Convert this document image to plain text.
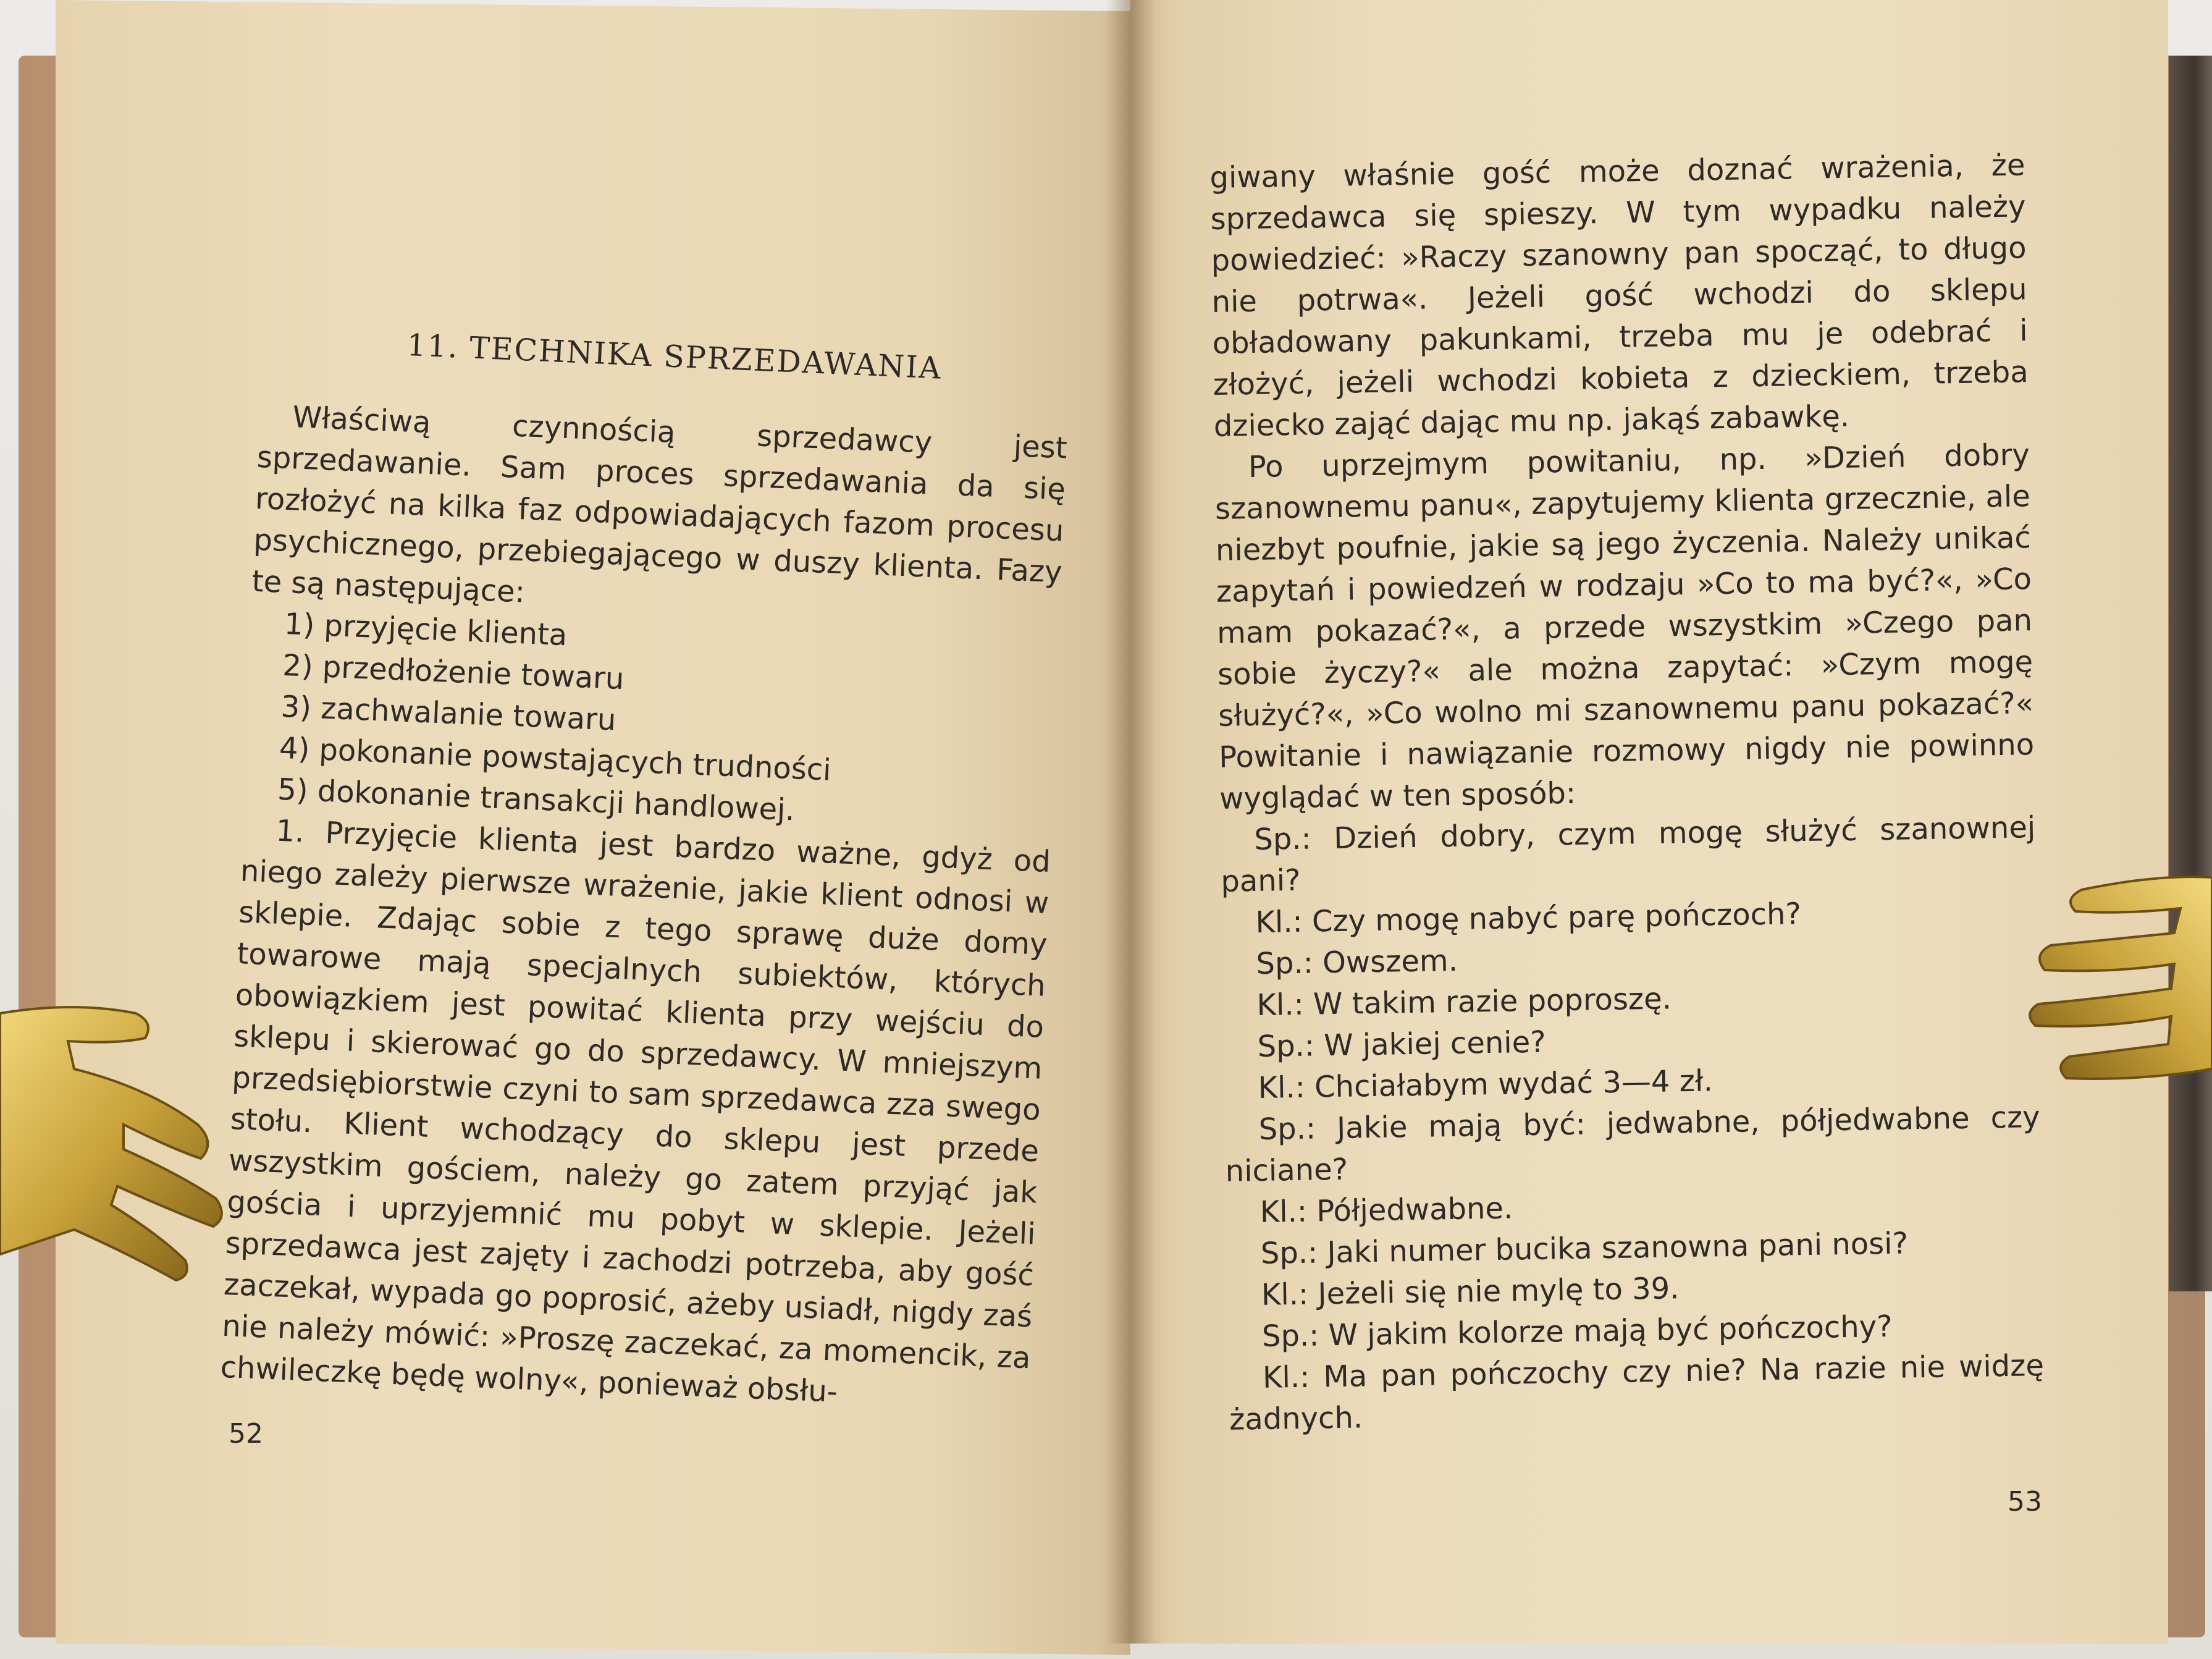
11. TECHNIKA SPRZEDAWANIA

Właściwą czynnością sprzedawcy jest sprzedawanie. Sam proces sprzedawania da się rozłożyć na kilka faz odpowiadających fazom procesu psychicznego, przebiegającego w duszy klienta. Fazy te są następujące:

1) przyjęcie klienta
2) przedłożenie towaru
3) zachwalanie towaru
4) pokonanie powstających trudności
5) dokonanie transakcji handlowej.

1. Przyjęcie klienta jest bardzo ważne, gdyż od niego zależy pierwsze wrażenie, jakie klient odnosi w sklepie. Zdając sobie z tego sprawę duże domy towarowe mają specjalnych subiektów, których obowiązkiem jest powitać klienta przy wejściu do sklepu i skierować go do sprzedawcy. W mniejszym przedsiębiorstwie czyni to sam sprzedawca zza swego stołu. Klient wchodzący do sklepu jest przede wszystkim gościem, należy go zatem przyjąć jak gościa i uprzyjemnić mu pobyt w sklepie. Jeżeli sprzedawca jest zajęty i zachodzi potrzeba, aby gość zaczekał, wypada go poprosić, ażeby usiadł, nigdy zaś nie należy mówić: »Proszę zaczekać, za momencik, za chwileczkę będę wolny«, ponieważ obsłu-

52

giwany właśnie gość może doznać wrażenia, że sprzedawca się spieszy. W tym wypadku należy powiedzieć: »Raczy szanowny pan spocząć, to długo nie potrwa«. Jeżeli gość wchodzi do sklepu obładowany pakunkami, trzeba mu je odebrać i złożyć, jeżeli wchodzi kobieta z dzieckiem, trzeba dziecko zająć dając mu np. jakąś zabawkę.

Po uprzejmym powitaniu, np. »Dzień dobry szanownemu panu«, zapytujemy klienta grzecznie, ale niezbyt poufnie, jakie są jego życzenia. Należy unikać zapytań i powiedzeń w rodzaju »Co to ma być?«, »Co mam pokazać?«, a przede wszystkim »Czego pan sobie życzy?« ale można zapytać: »Czym mogę służyć?«, »Co wolno mi szanownemu panu pokazać?« Powitanie i nawiązanie rozmowy nigdy nie powinno wyglądać w ten sposób:

Sp.: Dzień dobry, czym mogę służyć szanownej pani?

Kl.: Czy mogę nabyć parę pończoch?

Sp.: Owszem.

Kl.: W takim razie poproszę.

Sp.: W jakiej cenie?

Kl.: Chciałabym wydać 3—4 zł.

Sp.: Jakie mają być: jedwabne, półjedwabne czy niciane?

Kl.: Półjedwabne.

Sp.: Jaki numer bucika szanowna pani nosi?

Kl.: Jeżeli się nie mylę to 39.

Sp.: W jakim kolorze mają być pończochy?

Kl.: Ma pan pończochy czy nie? Na razie nie widzę żadnych.

53
